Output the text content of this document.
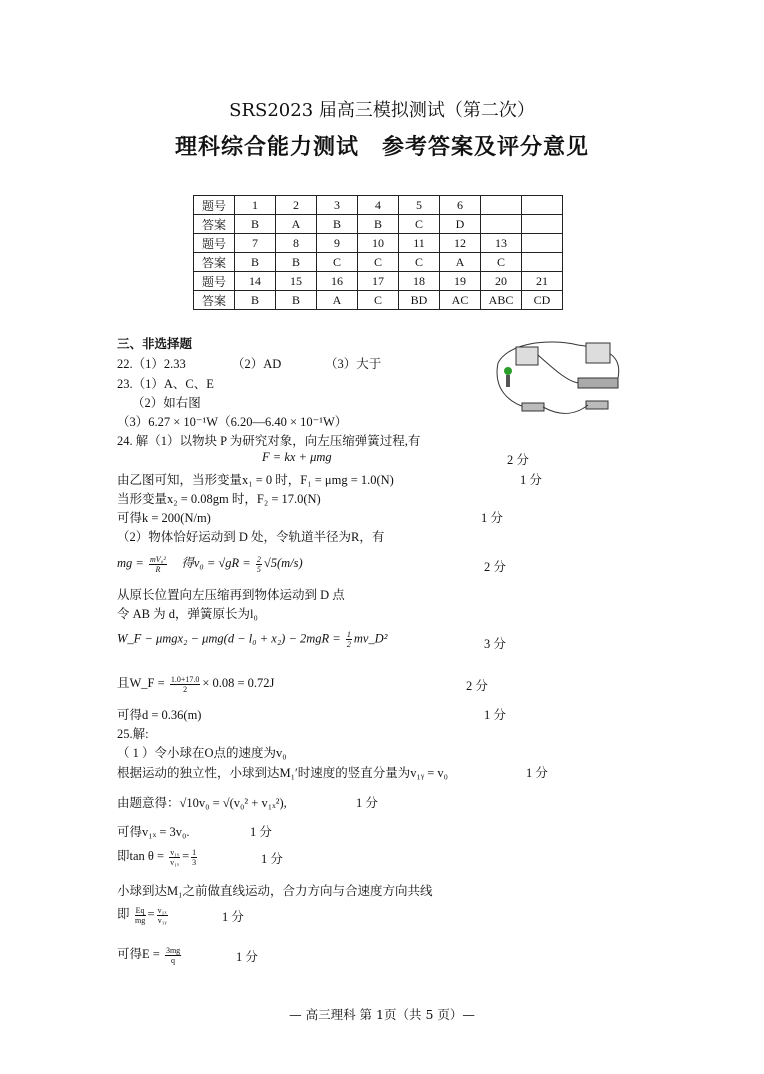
SRS2023 届高三模拟测试（第二次）
理科综合能力测试　参考答案及评分意见
题号	1	2	3	4	5	6		
答案	B	A	B	B	C	D		
题号	7	8	9	10	11	12	13	
答案	B	B	C	C	C	A	C	
题号	14	15	16	17	18	19	20	21
答案	B	B	A	C	BD	AC	ABC	CD
三、非选择题
22.（1）2.33	（2）AD	（3）大于
23.（1）A、C、E
（2）如右图
（3）6.27 × 10⁻¹W（6.20—6.40 × 10⁻¹W）
24. 解（1）以物块 P 为研究对象，向左压缩弹簧过程,有
F = kx + μmg	2 分
由乙图可知，当形变量x₁ = 0 时，F₁ = μmg = 1.0(N)	1 分
当形变量x₂ = 0.08gm 时，F₂ = 17.0(N)
可得k = 200(N/m)	1 分
（2）物体恰好运动到 D 处，令轨道半径为R，有
mg = $\frac{\text{mV₀²}}{R}$ 得$v_0 = √gR = \frac{2}{5} √5(m/s)$	2 分
从原长位置向左压缩再到物体运动到 D 点
令 AB 为 d，弹簧原长为l₀
W_F − $\mu mgx_2 - \mu mg(d - l_0 + x_2) - 2mgR = \frac{1}{2}$ mv_D²	3 分
且W_F = $\frac{1.0+17.0}{2} \times 0.08 = 0.72J$	2 分
可得d = 0.36(m)	1 分
25.解:
（ 1 ）令小球在O点的速度为v₀
根据运动的独立性，小球到达M₁′时速度的竖直分量为v₁ᵧ = v₀	1 分
由题意得：√10v₀ = √(v₀² + v₁ₓ²),	1 分
可得v₁ₓ = 3v₀.	1 分
即$\tan \theta = \frac{\text{v₁ᵧ}}{\text{v₁ₓ}} = \frac{1}{3}$	1 分
小球到达M₁之前做直线运动，合力方向与合速度方向共线
即 $\frac{Eq}{mg} = \frac{\text{v₁ₓ}}{\text{v₁ᵧ}}$	1 分
可得$E = \frac{3mg}{q}$	1 分
— 高三理科 第 1页（共 5 页）—
